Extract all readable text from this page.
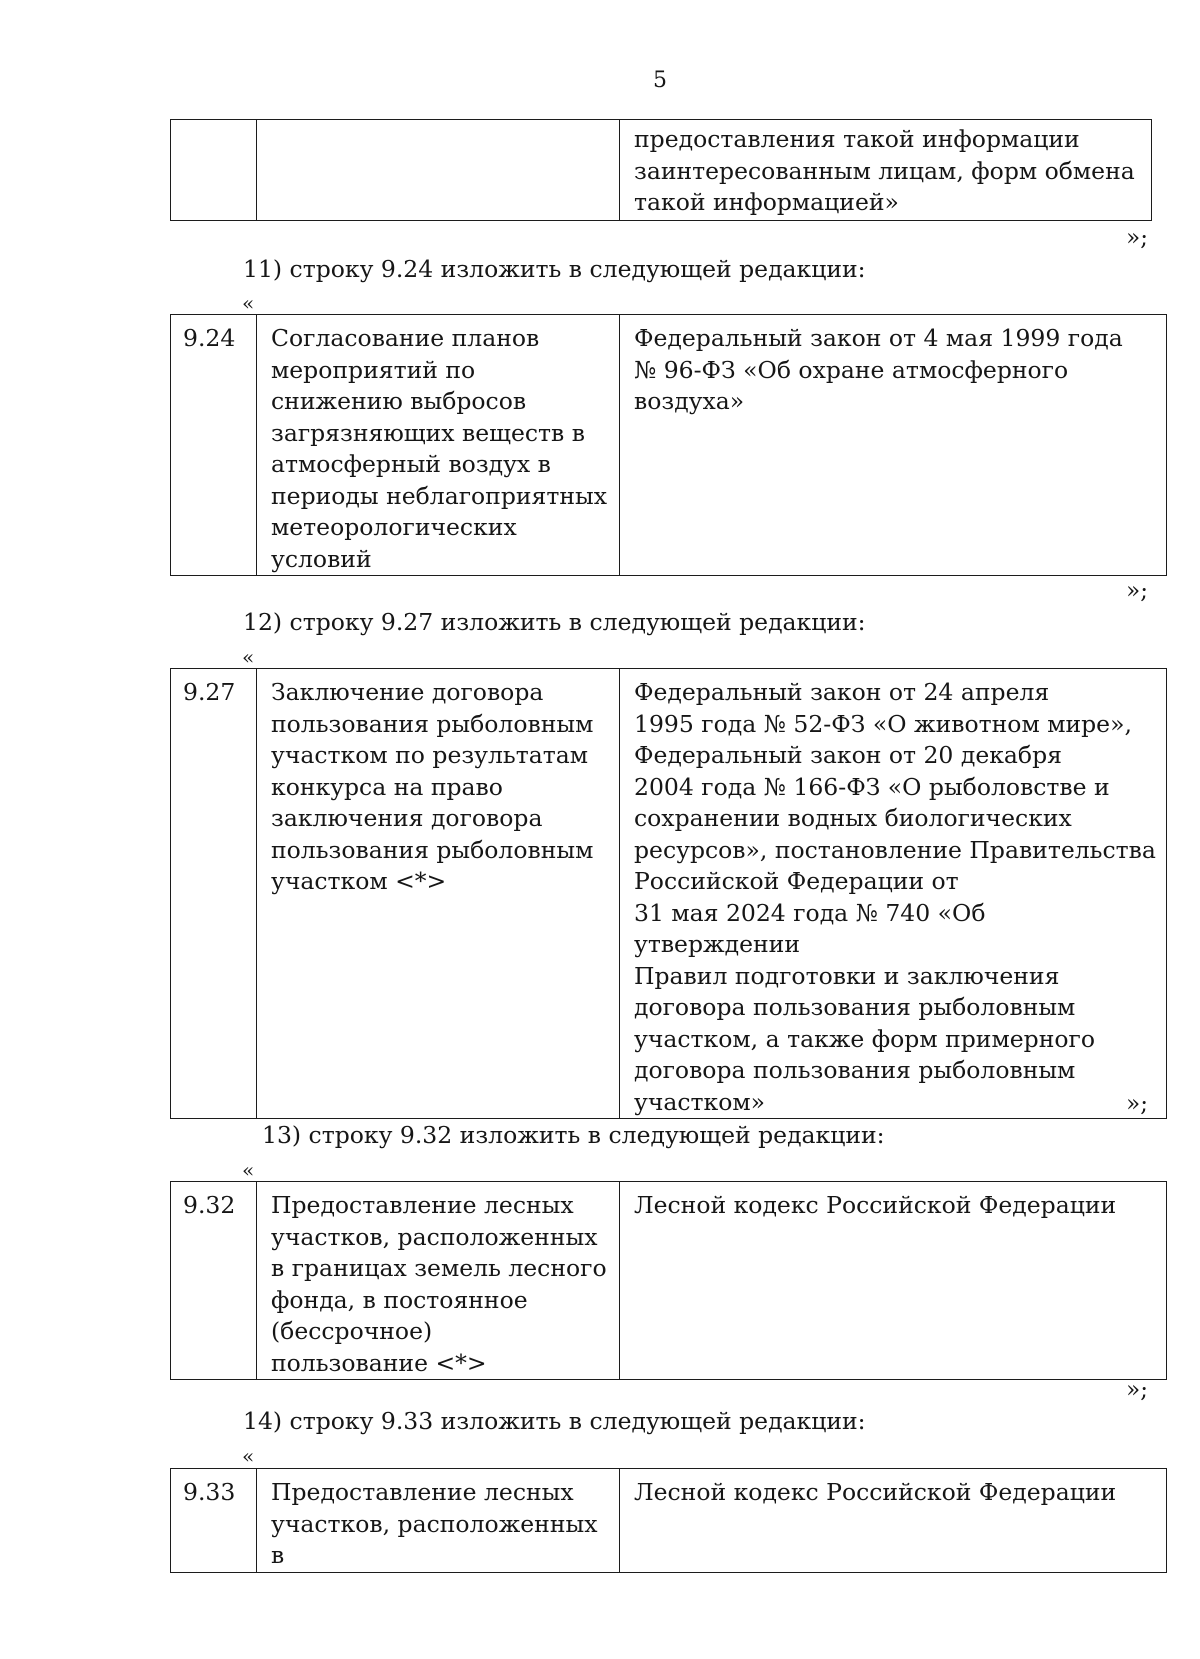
5
		предоставления такой информации
заинтересованным лицам, форм обмена
такой информацией»
»;
11) строку 9.24 изложить в следующей редакции:
«
9.24	Согласование планов
мероприятий по
снижению выбросов
загрязняющих веществ в
атмосферный воздух в
периоды неблагоприятных
метеорологических
условий	Федеральный закон от 4 мая 1999 года
№ 96-ФЗ «Об охране атмосферного
воздуха»
»;
12) строку 9.27 изложить в следующей редакции:
«
9.27	Заключение договора
пользования рыболовным
участком по результатам
конкурса на право
заключения договора
пользования рыболовным
участком <*>	Федеральный закон от 24 апреля
1995 года № 52-ФЗ «О животном мире»,
Федеральный закон от 20 декабря
2004 года № 166-ФЗ «О рыболовстве и
сохранении водных биологических
ресурсов», постановление Правительства
Российской Федерации от
31 мая 2024 года № 740 «Об утверждении
Правил подготовки и заключения
договора пользования рыболовным
участком, а также форм примерного
договора пользования рыболовным
участком»	»;
13) строку 9.32 изложить в следующей редакции:
«
9.32	Предоставление лесных
участков, расположенных
в границах земель лесного
фонда, в постоянное
(бессрочное)
пользование <*>	Лесной кодекс Российской Федерации
»;
14) строку 9.33 изложить в следующей редакции:
«
9.33	Предоставление лесных
участков, расположенных в	Лесной кодекс Российской Федерации
